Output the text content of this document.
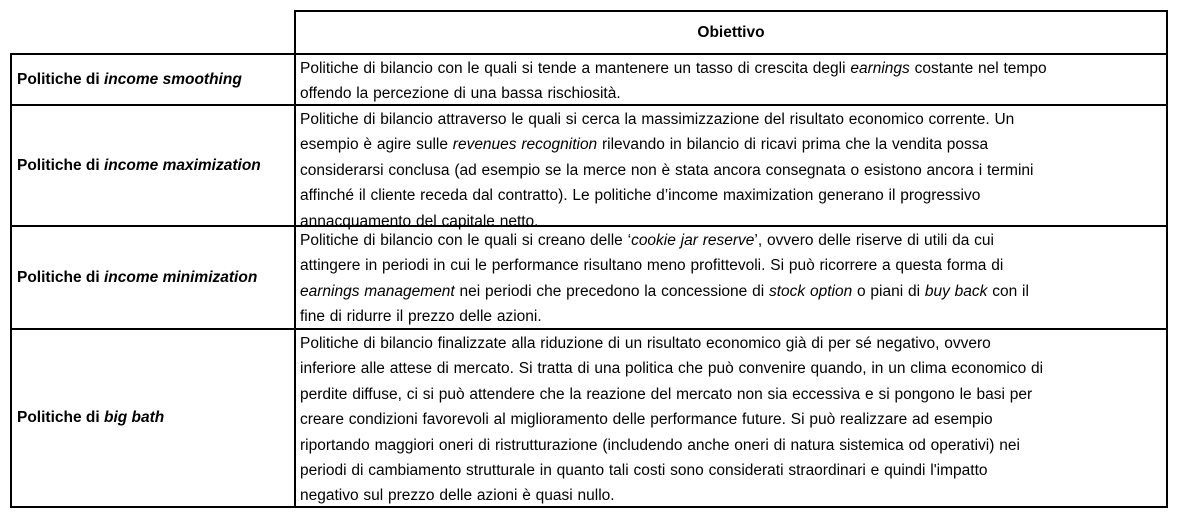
Obiettivo
Politiche di
income smoothing
Politiche di bilancio con le quali si tende a mantenere un tasso di crescita degli earnings costante nel tempo
offendo la percezione di una bassa rischiosità.
Politiche di
income maximization
Politiche di bilancio attraverso le quali si cerca la massimizzazione del risultato economico corrente. Un
esempio è agire sulle revenues recognition rilevando in bilancio di ricavi prima che la vendita possa
considerarsi conclusa (ad esempio se la merce non è stata ancora consegnata o esistono ancora i termini
affinché il cliente receda dal contratto). Le politiche d’income maximization generano il progressivo
annacquamento del capitale netto.
Politiche di
income minimization
Politiche di bilancio con le quali si creano delle ‘cookie jar reserve’, ovvero delle riserve di utili da cui
attingere in periodi in cui le performance risultano meno profittevoli. Si può ricorrere a questa forma di
earnings management nei periodi che precedono la concessione di stock option o piani di buy back con il
fine di ridurre il prezzo delle azioni.
Politiche di
big bath
Politiche di bilancio finalizzate alla riduzione di un risultato economico già di per sé negativo, ovvero
inferiore alle attese di mercato. Si tratta di una politica che può convenire quando, in un clima economico di
perdite diffuse, ci si può attendere che la reazione del mercato non sia eccessiva e si pongono le basi per
creare condizioni favorevoli al miglioramento delle performance future. Si può realizzare ad esempio
riportando maggiori oneri di ristrutturazione (includendo anche oneri di natura sistemica od operativi) nei
periodi di cambiamento strutturale in quanto tali costi sono considerati straordinari e quindi l'impatto
negativo sul prezzo delle azioni è quasi nullo.
